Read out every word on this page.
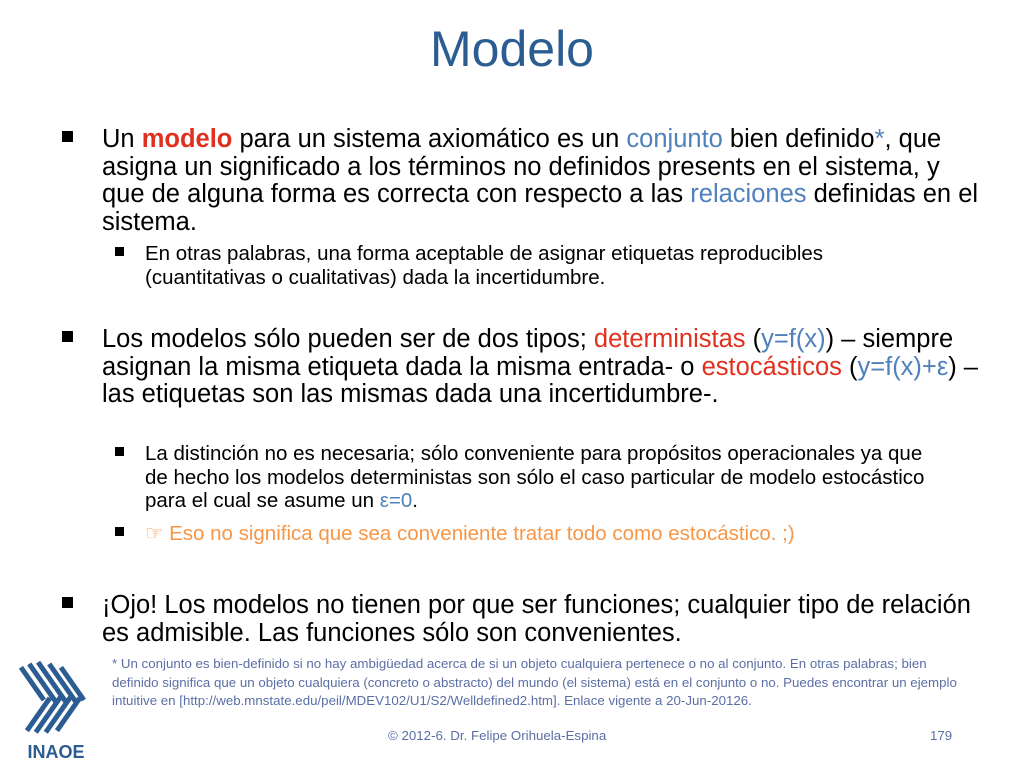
Modelo
Un modelo para un sistema axiomático es un conjunto bien definido*, que asigna un significado a los términos no definidos presents en el sistema, y que de alguna forma es correcta con respecto a las relaciones definidas en el sistema.
En otras palabras, una forma aceptable de asignar etiquetas reproducibles (cuantitativas o cualitativas) dada la incertidumbre.
Los modelos sólo pueden ser de dos tipos; deterministas (y=f(x)) – siempre asignan la misma etiqueta dada la misma entrada- o estocásticos (y=f(x)+ε) –las etiquetas son las mismas dada una incertidumbre-.
La distinción no es necesaria; sólo conveniente para propósitos operacionales ya que de hecho los modelos deterministas son sólo el caso particular de modelo estocástico para el cual se asume un ε=0.
☞ Eso no significa que sea conveniente tratar todo como estocástico. ;)
¡Ojo! Los modelos no tienen por que ser funciones; cualquier tipo de relación es admisible. Las funciones sólo son convenientes.
INAOE
* Un conjunto es bien-definido si no hay ambigüedad acerca de si un objeto cualquiera pertenece o no al conjunto. En otras palabras; bien definido significa que un objeto cualquiera (concreto o abstracto) del mundo (el sistema) está en el conjunto o no. Puedes encontrar un ejemplo intuitive en [http://web.mnstate.edu/peil/MDEV102/U1/S2/Welldefined2.htm]. Enlace vigente a 20-Jun-20126.
© 2012-6. Dr. Felipe Orihuela-Espina	179
